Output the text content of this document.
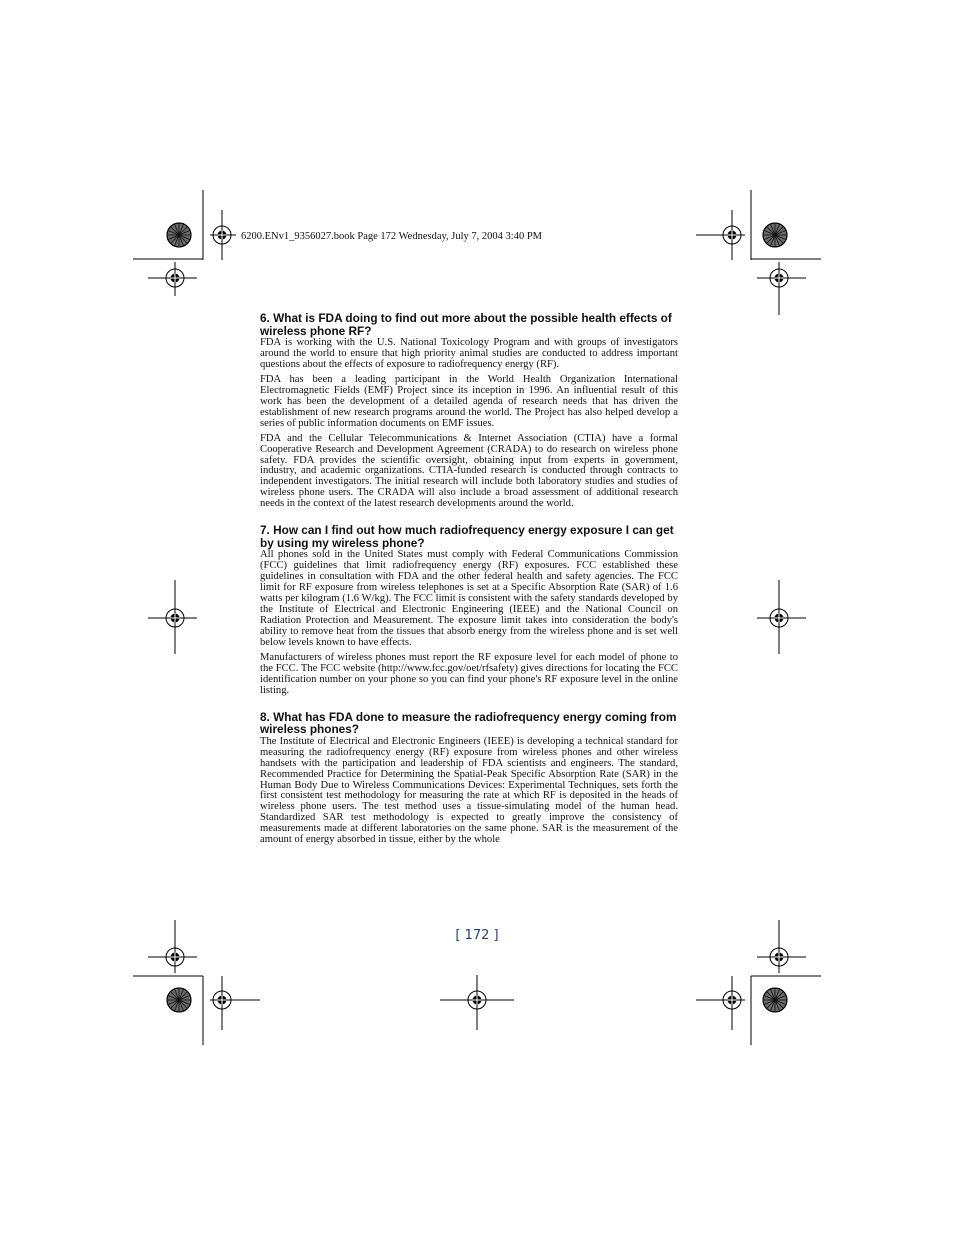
6200.ENv1_9356027.book Page 172 Wednesday, July 7, 2004 3:40 PM
6. What is FDA doing to find out more about the possible health effects of wireless phone RF?

FDA is working with the U.S. National Toxicology Program and with groups of investigators around the world to ensure that high priority animal studies are conducted to address important questions about the effects of exposure to radiofrequency energy (RF).

FDA has been a leading participant in the World Health Organization International Electromagnetic Fields (EMF) Project since its inception in 1996. An influential result of this work has been the development of a detailed agenda of research needs that has driven the establishment of new research programs around the world. The Project has also helped develop a series of public information documents on EMF issues.

FDA and the Cellular Telecommunications & Internet Association (CTIA) have a formal Cooperative Research and Development Agreement (CRADA) to do research on wireless phone safety. FDA provides the scientific oversight, obtaining input from experts in government, industry, and academic organizations. CTIA-funded research is conducted through contracts to independent investigators. The initial research will include both laboratory studies and studies of wireless phone users. The CRADA will also include a broad assessment of additional research needs in the context of the latest research developments around the world.

7. How can I find out how much radiofrequency energy exposure I can get by using my wireless phone?

All phones sold in the United States must comply with Federal Communications Commission (FCC) guidelines that limit radiofrequency energy (RF) exposures. FCC established these guidelines in consultation with FDA and the other federal health and safety agencies. The FCC limit for RF exposure from wireless telephones is set at a Specific Absorption Rate (SAR) of 1.6 watts per kilogram (1.6 W/kg). The FCC limit is consistent with the safety standards developed by the Institute of Electrical and Electronic Engineering (IEEE) and the National Council on Radiation Protection and Measurement. The exposure limit takes into consideration the body's ability to remove heat from the tissues that absorb energy from the wireless phone and is set well below levels known to have effects.

Manufacturers of wireless phones must report the RF exposure level for each model of phone to the FCC. The FCC website (http://www.fcc.gov/oet/rfsafety) gives directions for locating the FCC identification number on your phone so you can find your phone's RF exposure level in the online listing.

8. What has FDA done to measure the radiofrequency energy coming from   wireless phones?

The Institute of Electrical and Electronic Engineers (IEEE) is developing a technical standard for measuring the radiofrequency energy (RF) exposure from wireless phones and other wireless handsets with the participation and leadership of FDA scientists and engineers. The standard, Recommended Practice for Determining the Spatial-Peak Specific Absorption Rate (SAR) in the Human Body Due to Wireless Communications Devices: Experimental Techniques, sets forth the first consistent test methodology for measuring the rate at which RF is deposited in the heads of wireless phone users. The test method uses a tissue-simulating model of the human head. Standardized SAR test methodology is expected to greatly improve the consistency of measurements made at different laboratories on the same phone. SAR is the measurement of the amount of energy absorbed in tissue, either by the whole

[ 172 ]
